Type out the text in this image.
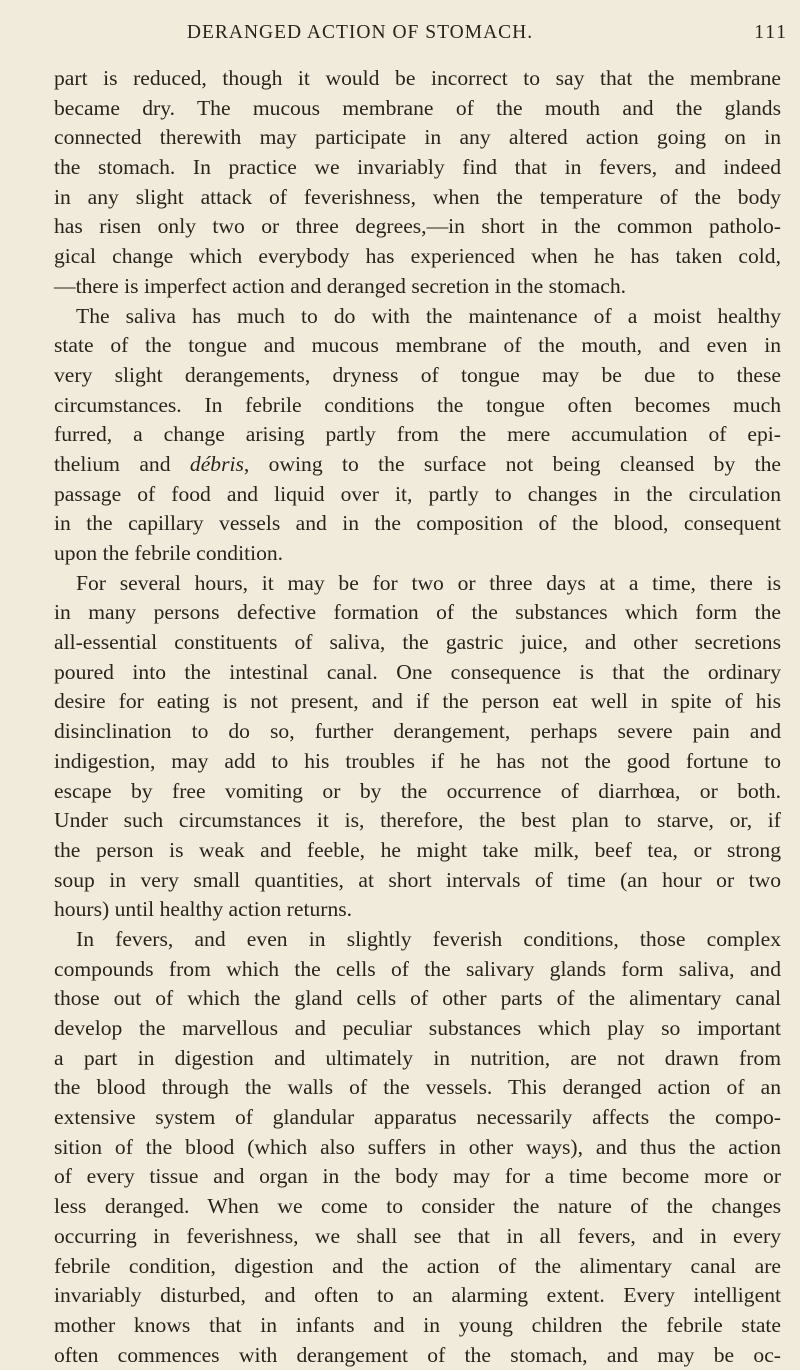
DERANGED ACTION OF STOMACH.	111
part is reduced, though it would be incorrect to say that the membrane
became dry. The mucous membrane of the mouth and the glands
connected therewith may participate in any altered action going on in
the stomach. In practice we invariably find that in fevers, and indeed
in any slight attack of feverishness, when the temperature of the body
has risen only two or three degrees,—in short in the common patholo-
gical change which everybody has experienced when he has taken cold,
—there is imperfect action and deranged secretion in the stomach.
The saliva has much to do with the maintenance of a moist healthy
state of the tongue and mucous membrane of the mouth, and even in
very slight derangements, dryness of tongue may be due to these
circumstances. In febrile conditions the tongue often becomes much
furred, a change arising partly from the mere accumulation of epi-
thelium and débris, owing to the surface not being cleansed by the
passage of food and liquid over it, partly to changes in the circulation
in the capillary vessels and in the composition of the blood, consequent
upon the febrile condition.
For several hours, it may be for two or three days at a time, there is
in many persons defective formation of the substances which form the
all-essential constituents of saliva, the gastric juice, and other secretions
poured into the intestinal canal. One consequence is that the ordinary
desire for eating is not present, and if the person eat well in spite of his
disinclination to do so, further derangement, perhaps severe pain and
indigestion, may add to his troubles if he has not the good fortune to
escape by free vomiting or by the occurrence of diarrhœa, or both.
Under such circumstances it is, therefore, the best plan to starve, or, if
the person is weak and feeble, he might take milk, beef tea, or strong
soup in very small quantities, at short intervals of time (an hour or two
hours) until healthy action returns.
In fevers, and even in slightly feverish conditions, those complex
compounds from which the cells of the salivary glands form saliva, and
those out of which the gland cells of other parts of the alimentary canal
develop the marvellous and peculiar substances which play so important
a part in digestion and ultimately in nutrition, are not drawn from
the blood through the walls of the vessels. This deranged action of an
extensive system of glandular apparatus necessarily affects the compo-
sition of the blood (which also suffers in other ways), and thus the action
of every tissue and organ in the body may for a time become more or
less deranged. When we come to consider the nature of the changes
occurring in feverishness, we shall see that in all fevers, and in every
febrile condition, digestion and the action of the alimentary canal are
invariably disturbed, and often to an alarming extent. Every intelligent
mother knows that in infants and in young children the febrile state
often commences with derangement of the stomach, and may be oc-
